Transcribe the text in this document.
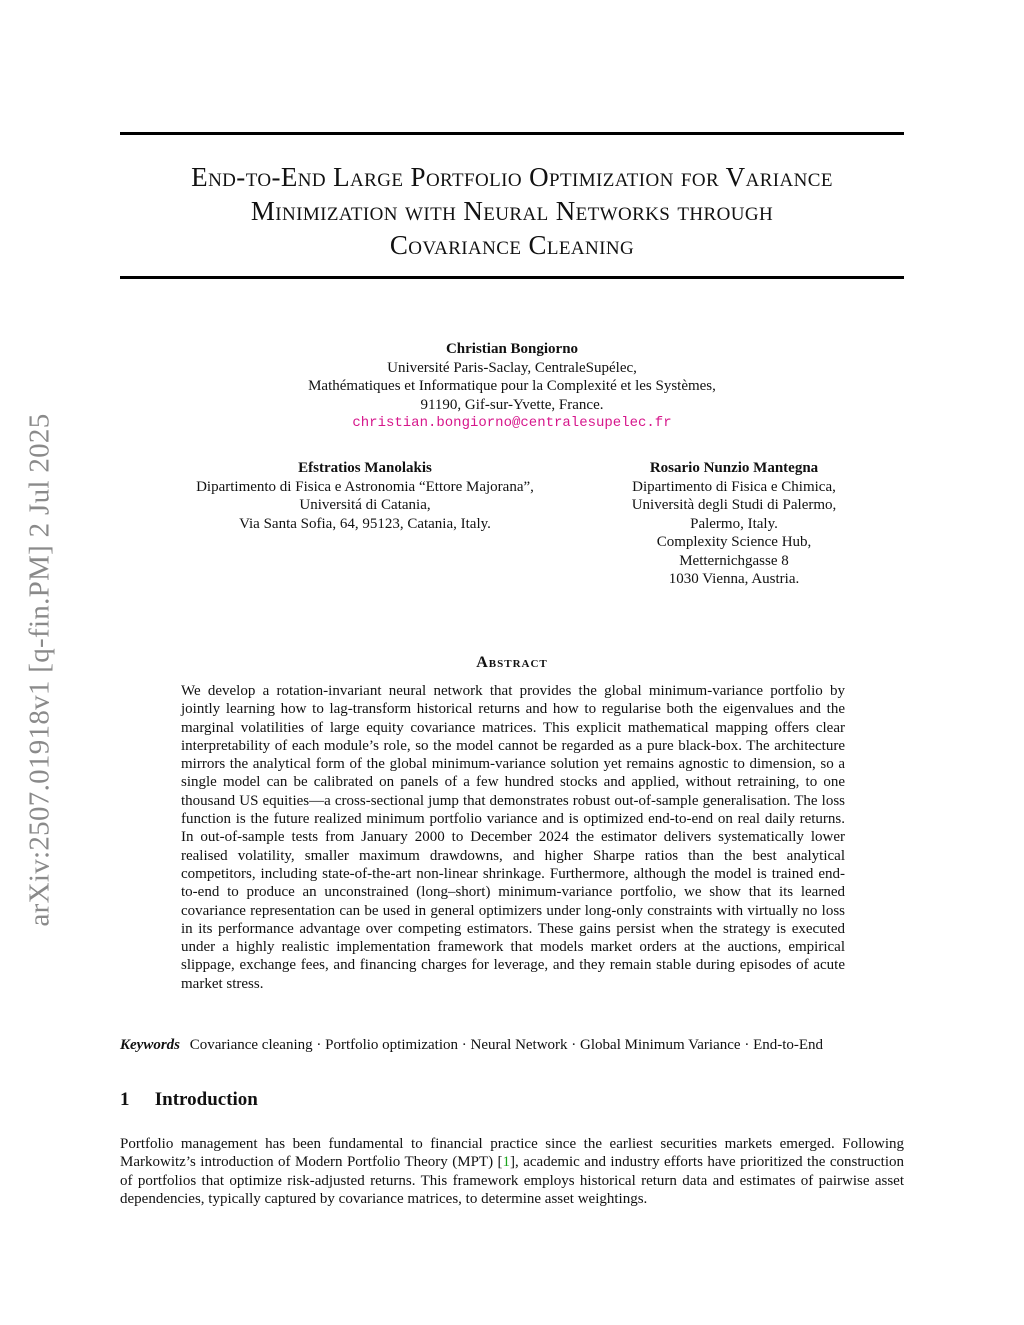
arXiv:2507.01918v1 [q-fin.PM] 2 Jul 2025
End-to-End Large Portfolio Optimization for Variance
Minimization with Neural Networks through
Covariance Cleaning
Christian Bongiorno
Université Paris-Saclay, CentraleSupélec,
Mathématiques et Informatique pour la Complexité et les Systèmes,
91190, Gif-sur-Yvette, France.
christian.bongiorno@centralesupelec.fr
Efstratios Manolakis
Dipartimento di Fisica e Astronomia “Ettore Majorana”,
Universitá di Catania,
Via Santa Sofia, 64, 95123, Catania, Italy.
Rosario Nunzio Mantegna
Dipartimento di Fisica e Chimica,
Università degli Studi di Palermo,
Palermo, Italy.
Complexity Science Hub,
Metternichgasse 8
1030 Vienna, Austria.
Abstract

We develop a rotation-invariant neural network that provides the global minimum-variance portfolio by jointly learning how to lag-transform historical returns and how to regularise both the eigenvalues and the marginal volatilities of large equity covariance matrices. This explicit mathematical mapping offers clear interpretability of each module’s role, so the model cannot be regarded as a pure black-box. The architecture mirrors the analytical form of the global minimum-variance solution yet remains agnostic to dimension, so a single model can be calibrated on panels of a few hundred stocks and applied, without retraining, to one thousand US equities—a cross-sectional jump that demonstrates robust out-of-sample generalisation. The loss function is the future realized minimum portfolio variance and is optimized end-to-end on real daily returns. In out-of-sample tests from January 2000 to December 2024 the estimator delivers systematically lower realised volatility, smaller maximum drawdowns, and higher Sharpe ratios than the best analytical competitors, including state-of-the-art non-linear shrinkage. Furthermore, although the model is trained end-to-end to produce an unconstrained (long–short) minimum-variance portfolio, we show that its learned covariance representation can be used in general optimizers under long-only constraints with virtually no loss in its performance advantage over competing estimators. These gains persist when the strategy is executed under a highly realistic implementation framework that models market orders at the auctions, empirical slippage, exchange fees, and financing charges for leverage, and they remain stable during episodes of acute market stress.

Keywords Covariance cleaning · Portfolio optimization · Neural Network · Global Minimum Variance · End-to-End
1 Introduction

Portfolio management has been fundamental to financial practice since the earliest securities markets emerged. Following Markowitz’s introduction of Modern Portfolio Theory (MPT) [1], academic and industry efforts have prioritized the construction of portfolios that optimize risk-adjusted returns. This framework employs historical return data and estimates of pairwise asset dependencies, typically captured by covariance matrices, to determine asset weightings.
